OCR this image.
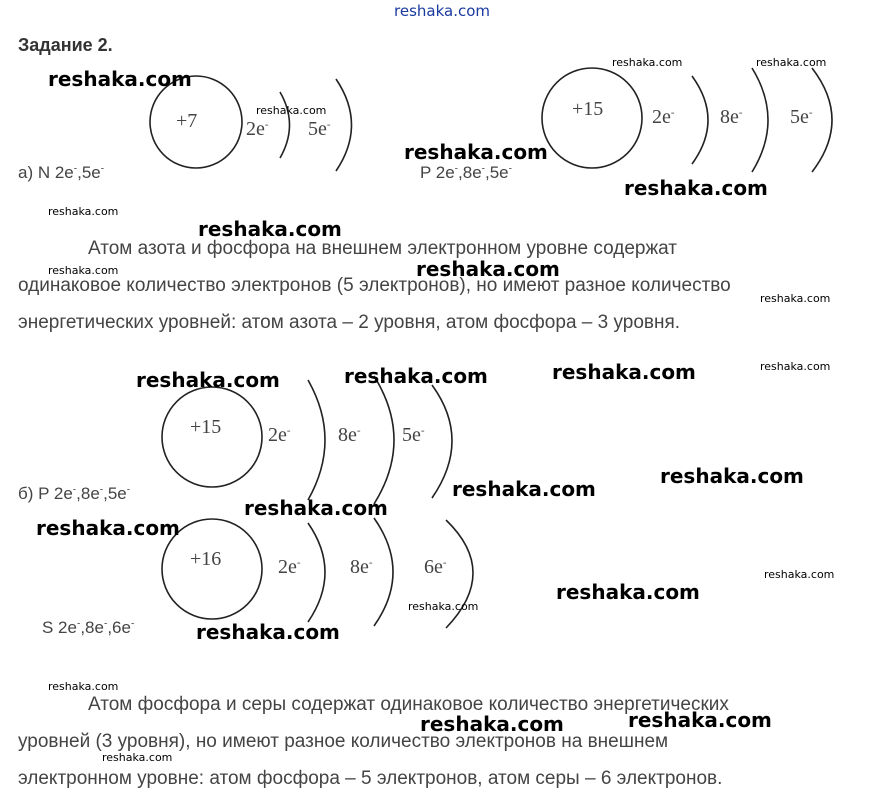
reshaka.com
Задание 2.
+7 2e- 5e-
а) N 2e-,5e-
+15 2e- 8e- 5e-
P 2e-,8e-,5e-
Атом азота и фосфора на внешнем электронном уровне содержат
одинаковое количество электронов (5 электронов), но имеют разное количество
энергетических уровней: атом азота – 2 уровня, атом фосфора – 3 уровня.
+15 2e- 8e- 5e-
б) P 2e-,8e-,5e-
+16	2e- 8e-	6e-
S 2e-,8e-,6e-
Атом фосфора и серы содержат одинаковое количество энергетических
уровней (3 уровня), но имеют разное количество электронов на внешнем
электронном уровне: атом фосфора – 5 электронов, атом серы – 6 электронов.
reshaka.com
reshaka.com
reshaka.com
reshaka.com
reshaka.com
reshaka.com	reshaka.com	reshaka.com
reshaka.com
reshaka.com
reshaka.com
reshaka.com
reshaka.com
reshaka.com
reshaka.com
reshaka.com
reshaka.com	reshaka.com
reshaka.com
reshaka.com
reshaka.com
reshaka.com
reshaka.com
reshaka.com
reshaka.com
reshaka.com
reshaka.com
